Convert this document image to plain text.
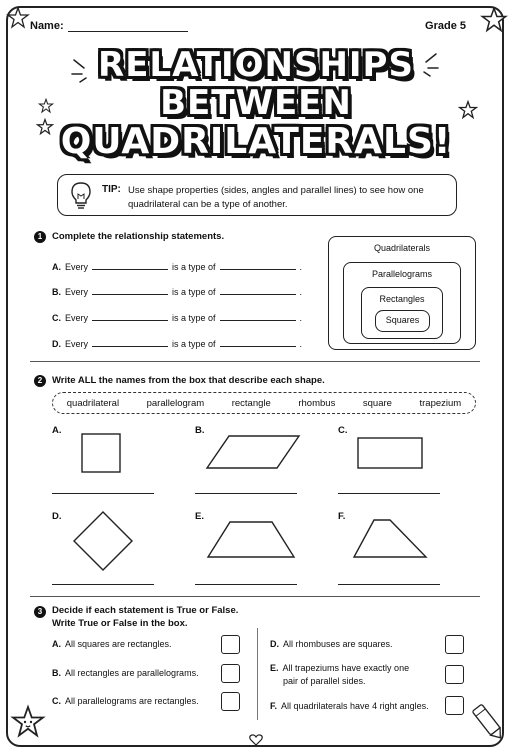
Name:	Grade 5
RELATIONSHIPS
BETWEEN
QUADRILATERALS!
TIP: Use shape properties (sides, angles and parallel lines) to see how one quadrilateral can be a type of another.
1	Complete the relationship statements.
A. Every	is a type of	.
B. Every	is a type of	.
C. Every	is a type of	.
D. Every	is a type of	.
Quadrilaterals
Parallelograms
Rectangles
Squares
2	Write ALL the names from the box that describe each shape.
quadrilateral	parallelogram	rectangle	rhombus	square	trapezium
A.	B.	C.
D.	E.	F.
3	Decide if each statement is True or False.
Write True or False in the box.
A. All squares are rectangles.
B. All rectangles are parallelograms.
C. All parallelograms are rectangles.
D. All rhombuses are squares.
E. All trapeziums have exactly one
pair of parallel sides.
F. All quadrilaterals have 4 right angles.
